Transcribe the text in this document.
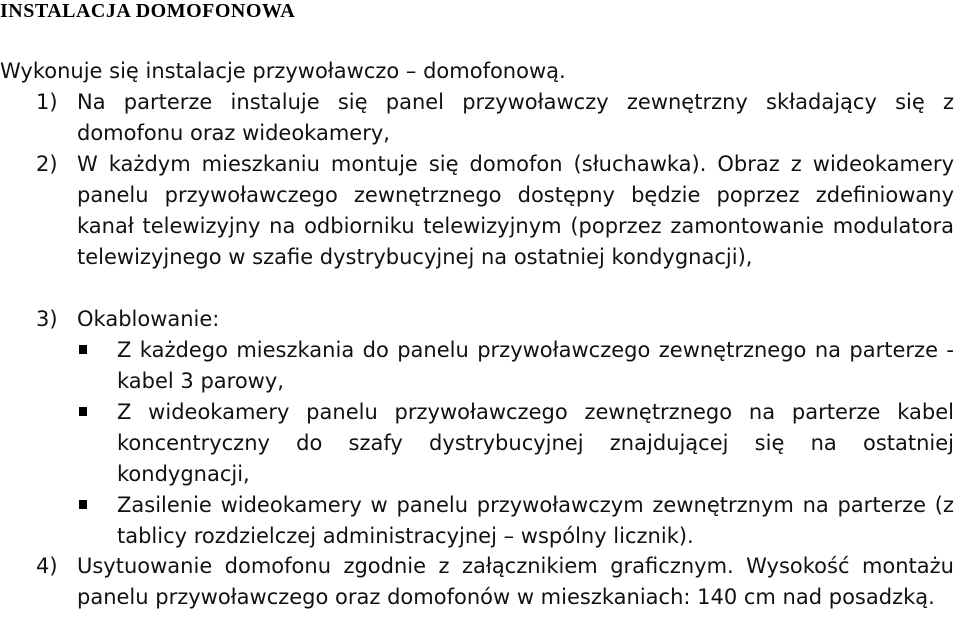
INSTALACJA DOMOFONOWA
Wykonuje się instalacje przywoławczo – domofonową.
1) Na parterze instaluje się panel przywoławczy zewnętrzny składający się z domofonu oraz wideokamery,
2) W każdym mieszkaniu montuje się domofon (słuchawka). Obraz z wideokamery panelu przywoławczego zewnętrznego dostępny będzie poprzez zdefiniowany kanał telewizyjny na odbiorniku telewizyjnym (poprzez zamontowanie modulatora telewizyjnego w szafie dystrybucyjnej na ostatniej kondygnacji),
3) Okablowanie:
Z każdego mieszkania do panelu przywoławczego zewnętrznego na parterze - kabel 3 parowy,
Z wideokamery panelu przywoławczego zewnętrznego na parterze kabel koncentryczny do szafy dystrybucyjnej znajdującej się na ostatniej kondygnacji,
Zasilenie wideokamery w panelu przywoławczym zewnętrznym na parterze (z tablicy rozdzielczej administracyjnej – wspólny licznik).
4) Usytuowanie domofonu zgodnie z załącznikiem graficznym. Wysokość montażu panelu przywoławczego oraz domofonów w mieszkaniach: 140 cm nad posadzką.
